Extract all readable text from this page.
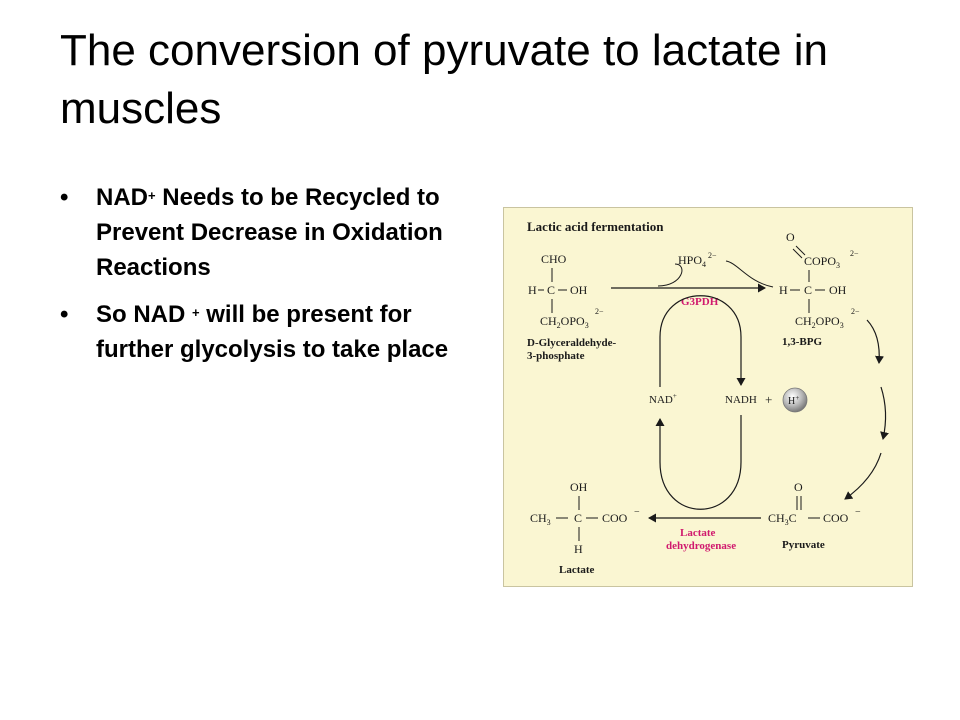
The conversion of pyruvate to lactate in muscles
• NAD+ Needs to be Recycled to Prevent Decrease in Oxidation Reactions
• So NAD + will be present for further glycolysis to take place
Lactic acid fermentation
CHO
H C OH
$CH_2OPO_3$
2−
D-Glyceraldehyde-
3-phosphate
$HPO_4$
2−
G3PDH
O
$COPO_3$
2−
H C OH
$CH_2OPO_3$
2−
1,3-BPG
NAD+	NADH + H+
OH
$CH_3$ C COO −
H
Lactate
O
$CH_3C$ COO −
Pyruvate
Lactate
dehydrogenase
